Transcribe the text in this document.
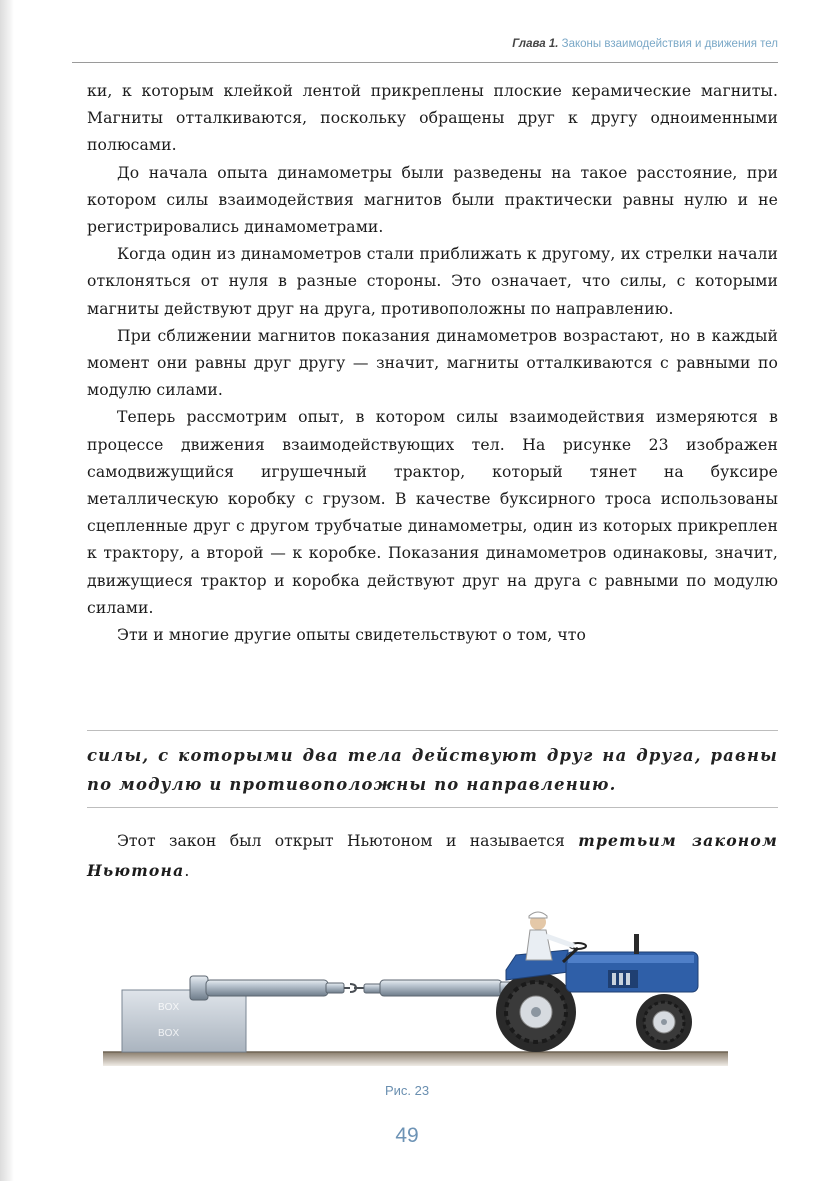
Глава 1. Законы взаимодействия и движения тел

ки, к которым клейкой лентой прикреплены плоские керамические магниты. Магниты отталкиваются, поскольку обращены друг к другу одноименными полюсами.

До начала опыта динамометры были разведены на такое расстояние, при котором силы взаимодействия магнитов были практически равны нулю и не регистрировались динамометрами.

Когда один из динамометров стали приближать к другому, их стрелки начали отклоняться от нуля в разные стороны. Это означает, что силы, с которыми магниты действуют друг на друга, противоположны по направлению.

При сближении магнитов показания динамометров возрастают, но в каждый момент они равны друг другу — значит, магниты отталкиваются с равными по модулю силами.

Теперь рассмотрим опыт, в котором силы взаимодействия измеряются в процессе движения взаимодействующих тел. На рисунке 23 изображен самодвижущийся игрушечный трактор, который тянет на буксире металлическую коробку с грузом. В качестве буксирного троса использованы сцепленные друг с другом трубчатые динамометры, один из которых прикреплен к трактору, а второй — к коробке. Показания динамометров одинаковы, значит, движущиеся трактор и коробка действуют друг на друга с равными по модулю силами.

Эти и многие другие опыты свидетельствуют о том, что

силы, с которыми два тела действуют друг на друга, равны по модулю и противоположны по направлению.
Этот закон был открыт Ньютоном и называется третьим законом Ньютона.
BOX
BOX
Рис. 23
49
